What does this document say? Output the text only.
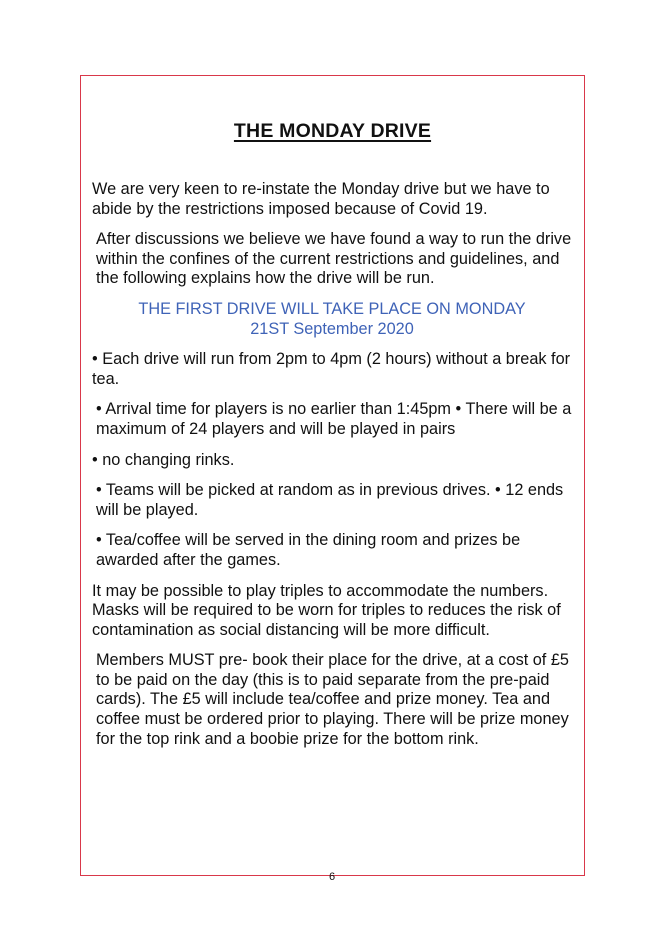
THE MONDAY DRIVE

We are very keen to re-instate the Monday drive but we have to abide by the restrictions imposed because of Covid 19.

After discussions we believe we have found a way to run the drive within the confines of the current restrictions and guidelines, and the following explains how the drive will be run.

THE FIRST DRIVE WILL TAKE PLACE ON MONDAY
21ST September 2020

• Each drive will run from 2pm to 4pm (2 hours) without a break for tea.

• Arrival time for players is no earlier than 1:45pm • There will be a maximum of 24 players and will be played in pairs

• no changing rinks.

• Teams will be picked at random as in previous drives. • 12 ends will be played.

• Tea/coffee will be served in the dining room and prizes be awarded after the games.

It may be possible to play triples to accommodate the numbers. Masks will be required to be worn for triples to reduces the risk of contamination as social distancing will be more difficult.

Members MUST pre- book their place for the drive, at a cost of £5 to be paid on the day (this is to paid separate from the pre-paid cards). The £5 will include tea/coffee and prize money. Tea and coffee must be ordered prior to playing. There will be prize money for the top rink and a boobie prize for the bottom rink.

6
